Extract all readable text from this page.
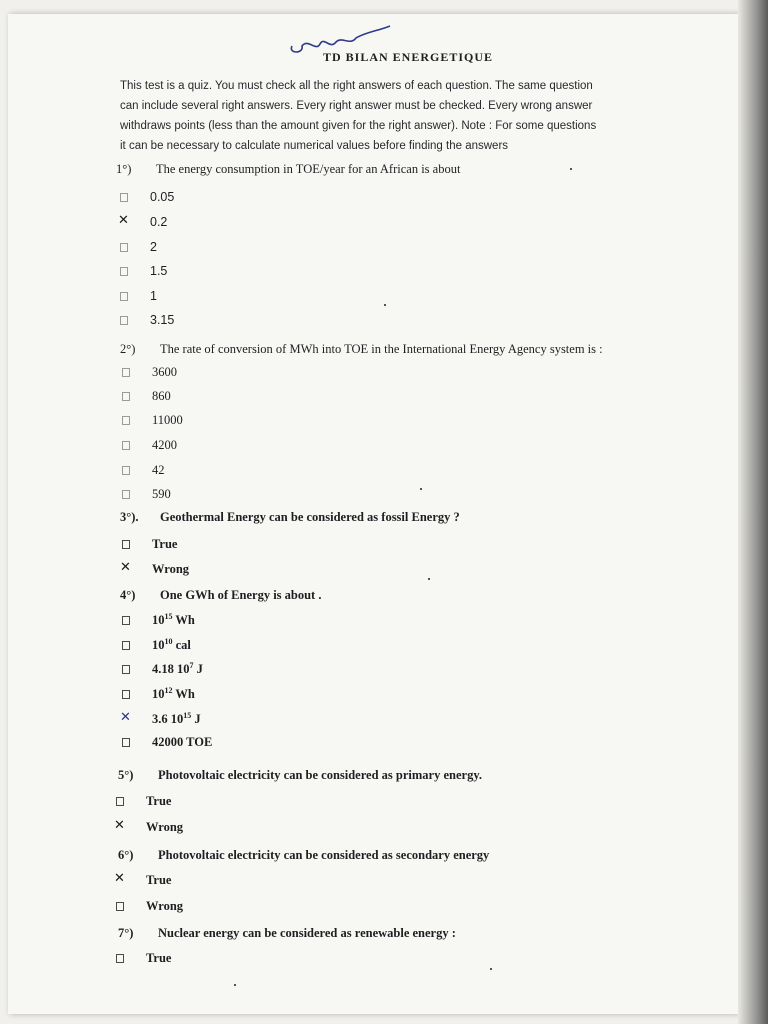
TD BILAN ENERGETIQUE

This test is a quiz. You must check all the right answers of each question. The same question

can include several right answers. Every right answer must be checked. Every wrong answer

withdraws points (less than the amount given for the right answer). Note : For some questions

it can be necessary to calculate numerical values before finding the answers

1°)	The energy consumption in TOE/year for an African is about
0.05
✕
0.2
2
1.5
1
3.15
2°)	The rate of conversion of MWh into TOE in the International Energy Agency system is :
3600
860
11000
4200
42
590
3°).	Geothermal Energy can be considered as fossil Energy ?
True
✕
Wrong
4°)	One GWh of Energy is about .
$10^{15}$ Wh
$10^{10}$ cal
4.18 $10^7$ J
$10^{12}$ Wh
✕
3.6 $10^{15}$ J
42000 TOE
5°)	Photovoltaic electricity can be considered as primary energy.
True
✕
Wrong
6°)	Photovoltaic electricity can be considered as secondary energy
✕
True
Wrong
7°)	Nuclear energy can be considered as renewable energy :
True
